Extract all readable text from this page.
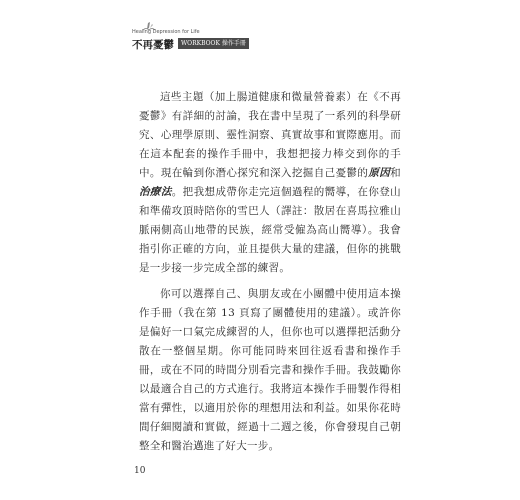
Healing Depression for Life
不再憂鬱	WORKBOOK 操作手冊

這些主題（加上腸道健康和微量營養素）在《不再憂鬱》有詳細的討論，我在書中呈現了一系列的科學研究、心理學原則、靈性洞察、真實故事和實際應用。而在這本配套的操作手冊中，我想把接力棒交到你的手中。現在輪到你潛心探究和深入挖掘自己憂鬱的原因和治療法。把我想成帶你走完這個過程的嚮導，在你登山和準備攻頂時陪你的雪巴人（譯註：散居在喜馬拉雅山脈兩側高山地帶的民族，經常受僱為高山嚮導）。我會指引你正確的方向，並且提供大量的建議，但你的挑戰是一步接一步完成全部的練習。

你可以選擇自己、與朋友或在小團體中使用這本操作手冊（我在第 13 頁寫了團體使用的建議）。或許你是偏好一口氣完成練習的人，但你也可以選擇把活動分散在一整個星期。你可能同時來回往返看書和操作手冊，或在不同的時間分別看完書和操作手冊。我鼓勵你以最適合自己的方式進行。我將這本操作手冊製作得相當有彈性，以適用於你的理想用法和利益。如果你花時間仔細閱讀和實做，經過十二週之後，你會發現自己朝整全和醫治邁進了好大一步。

10
